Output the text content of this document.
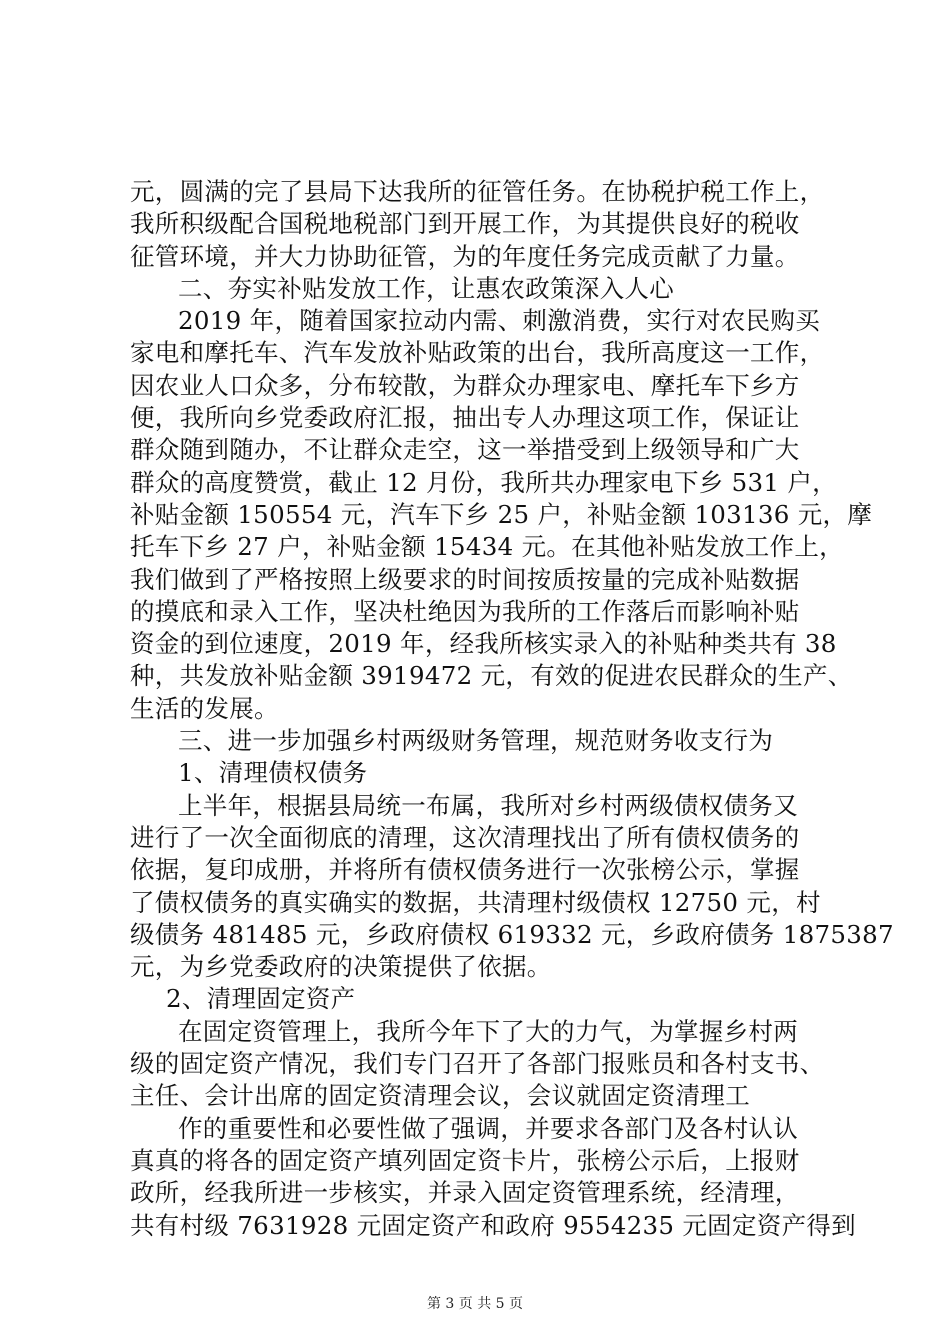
元，圆满的完了县局下达我所的征管任务。在协税护税工作上，
我所积级配合国税地税部门到开展工作，为其提供良好的税收
征管环境，并大力协助征管，为的年度任务完成贡献了力量。
二、夯实补贴发放工作，让惠农政策深入人心
2019 年，随着国家拉动内需、刺激消费，实行对农民购买
家电和摩托车、汽车发放补贴政策的出台，我所高度这一工作，
因农业人口众多，分布较散，为群众办理家电、摩托车下乡方
便，我所向乡党委政府汇报，抽出专人办理这项工作，保证让
群众随到随办，不让群众走空，这一举措受到上级领导和广大
群众的高度赞赏，截止 12 月份，我所共办理家电下乡 531 户，
补贴金额 150554 元，汽车下乡 25 户，补贴金额 103136 元，摩
托车下乡 27 户，补贴金额 15434 元。在其他补贴发放工作上，
我们做到了严格按照上级要求的时间按质按量的完成补贴数据
的摸底和录入工作，坚决杜绝因为我所的工作落后而影响补贴
资金的到位速度，2019 年，经我所核实录入的补贴种类共有 38
种，共发放补贴金额 3919472 元，有效的促进农民群众的生产、
生活的发展。
三、进一步加强乡村两级财务管理，规范财务收支行为
1、清理债权债务
上半年，根据县局统一布属，我所对乡村两级债权债务又
进行了一次全面彻底的清理，这次清理找出了所有债权债务的
依据，复印成册，并将所有债权债务进行一次张榜公示，掌握
了债权债务的真实确实的数据，共清理村级债权 12750 元，村
级债务 481485 元，乡政府债权 619332 元，乡政府债务 1875387
元，为乡党委政府的决策提供了依据。
2、清理固定资产
在固定资管理上，我所今年下了大的力气，为掌握乡村两
级的固定资产情况，我们专门召开了各部门报账员和各村支书、
主任、会计出席的固定资清理会议，会议就固定资清理工
作的重要性和必要性做了强调，并要求各部门及各村认认
真真的将各的固定资产填列固定资卡片，张榜公示后，上报财
政所，经我所进一步核实，并录入固定资管理系统，经清理，
共有村级 7631928 元固定资产和政府 9554235 元固定资产得到
第 3 页 共 5 页
